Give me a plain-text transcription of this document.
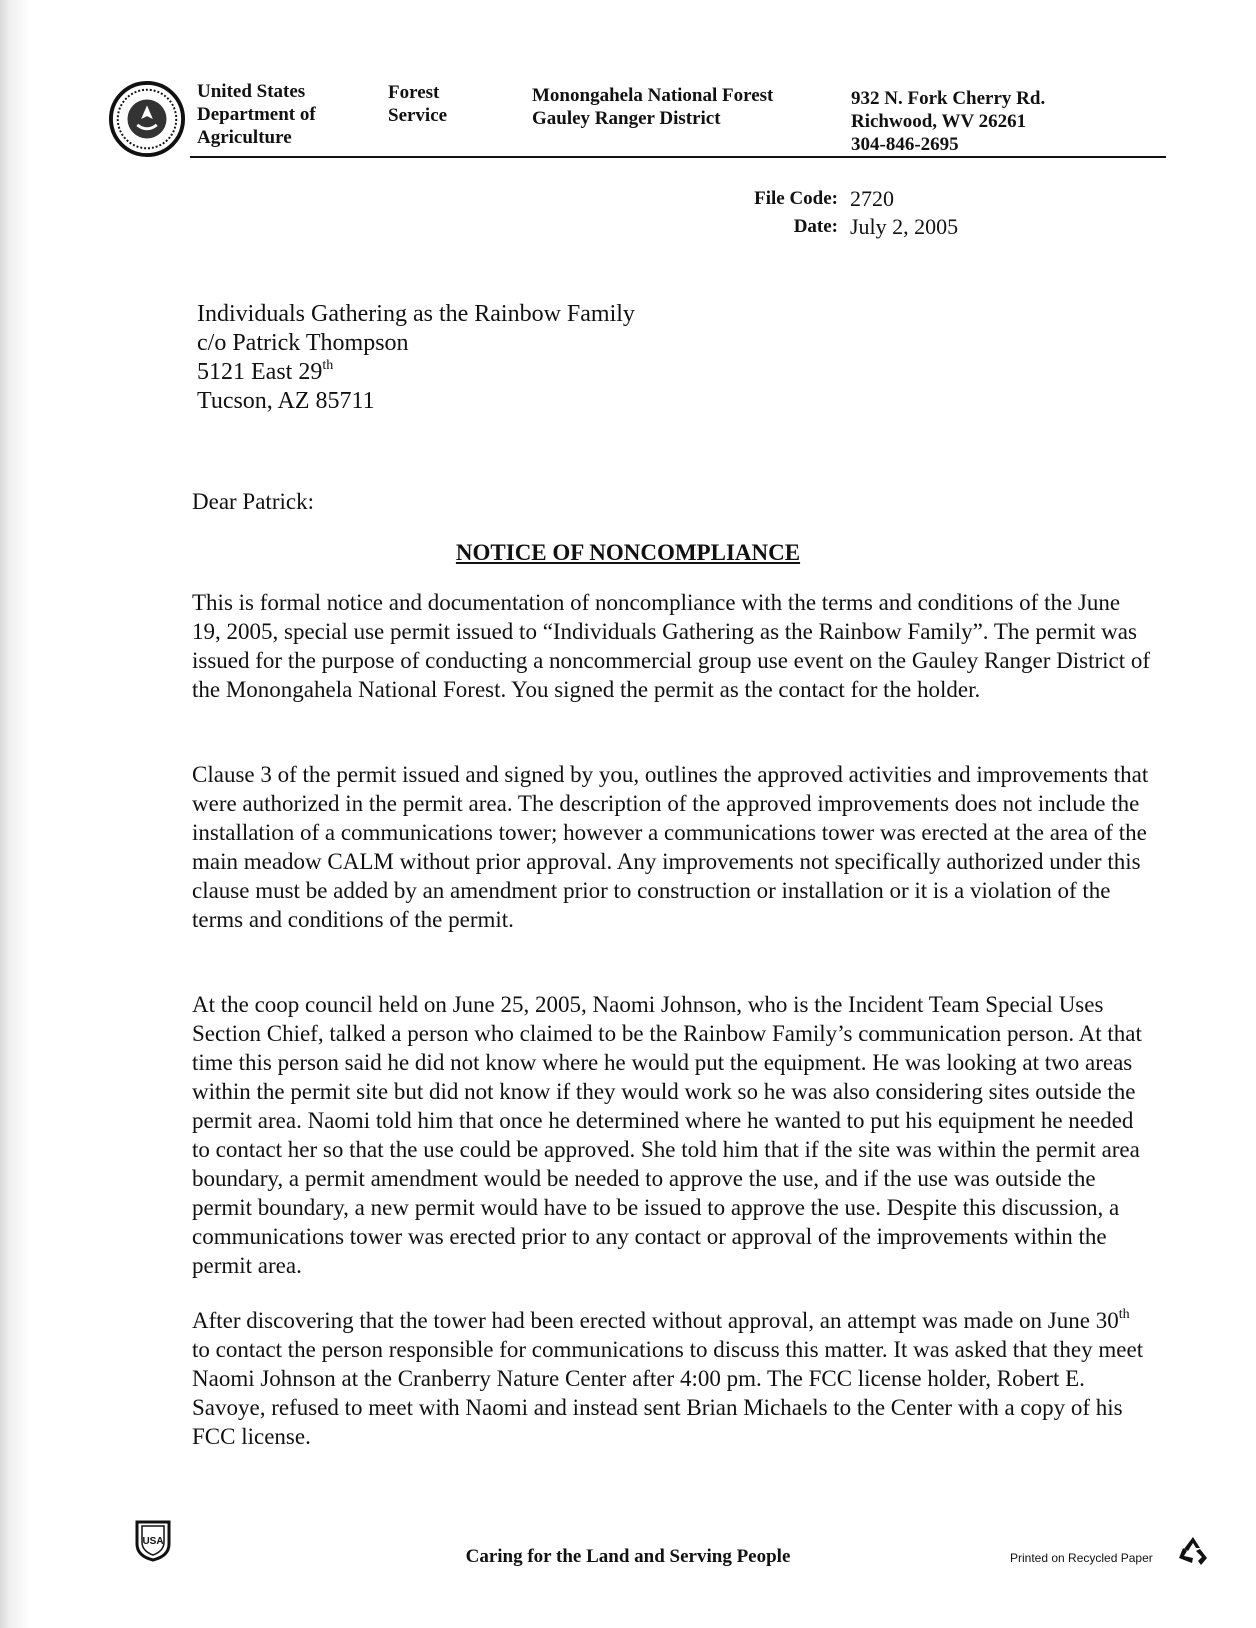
United States
Department of
Agriculture
Forest
Service
Monongahela National Forest
Gauley Ranger District
932 N. Fork Cherry Rd.
Richwood, WV 26261
304-846-2695
File Code: 2720
Date: July 2, 2005
Individuals Gathering as the Rainbow Family
c/o Patrick Thompson
5121 East 29th
Tucson, AZ 85711
Dear Patrick:
NOTICE OF NONCOMPLIANCE

This is formal notice and documentation of noncompliance with the terms and conditions of the June 19, 2005, special use permit issued to “Individuals Gathering as the Rainbow Family”. The permit was issued for the purpose of conducting a noncommercial group use event on the Gauley Ranger District of the Monongahela National Forest. You signed the permit as the contact for the holder.

Clause 3 of the permit issued and signed by you, outlines the approved activities and improvements that were authorized in the permit area. The description of the approved improvements does not include the installation of a communications tower; however a communications tower was erected at the area of the main meadow CALM without prior approval. Any improvements not specifically authorized under this clause must be added by an amendment prior to construction or installation or it is a violation of the terms and conditions of the permit.

At the coop council held on June 25, 2005, Naomi Johnson, who is the Incident Team Special Uses Section Chief, talked a person who claimed to be the Rainbow Family’s communication person. At that time this person said he did not know where he would put the equipment. He was looking at two areas within the permit site but did not know if they would work so he was also considering sites outside the permit area. Naomi told him that once he determined where he wanted to put his equipment he needed to contact her so that the use could be approved. She told him that if the site was within the permit area boundary, a permit amendment would be needed to approve the use, and if the use was outside the permit boundary, a new permit would have to be issued to approve the use. Despite this discussion, a communications tower was erected prior to any contact or approval of the improvements within the permit area.

After discovering that the tower had been erected without approval, an attempt was made on June 30th to contact the person responsible for communications to discuss this matter. It was asked that they meet Naomi Johnson at the Cranberry Nature Center after 4:00 pm. The FCC license holder, Robert E. Savoye, refused to meet with Naomi and instead sent Brian Michaels to the Center with a copy of his FCC license.

USA
Caring for the Land and Serving People	Printed on Recycled Paper
